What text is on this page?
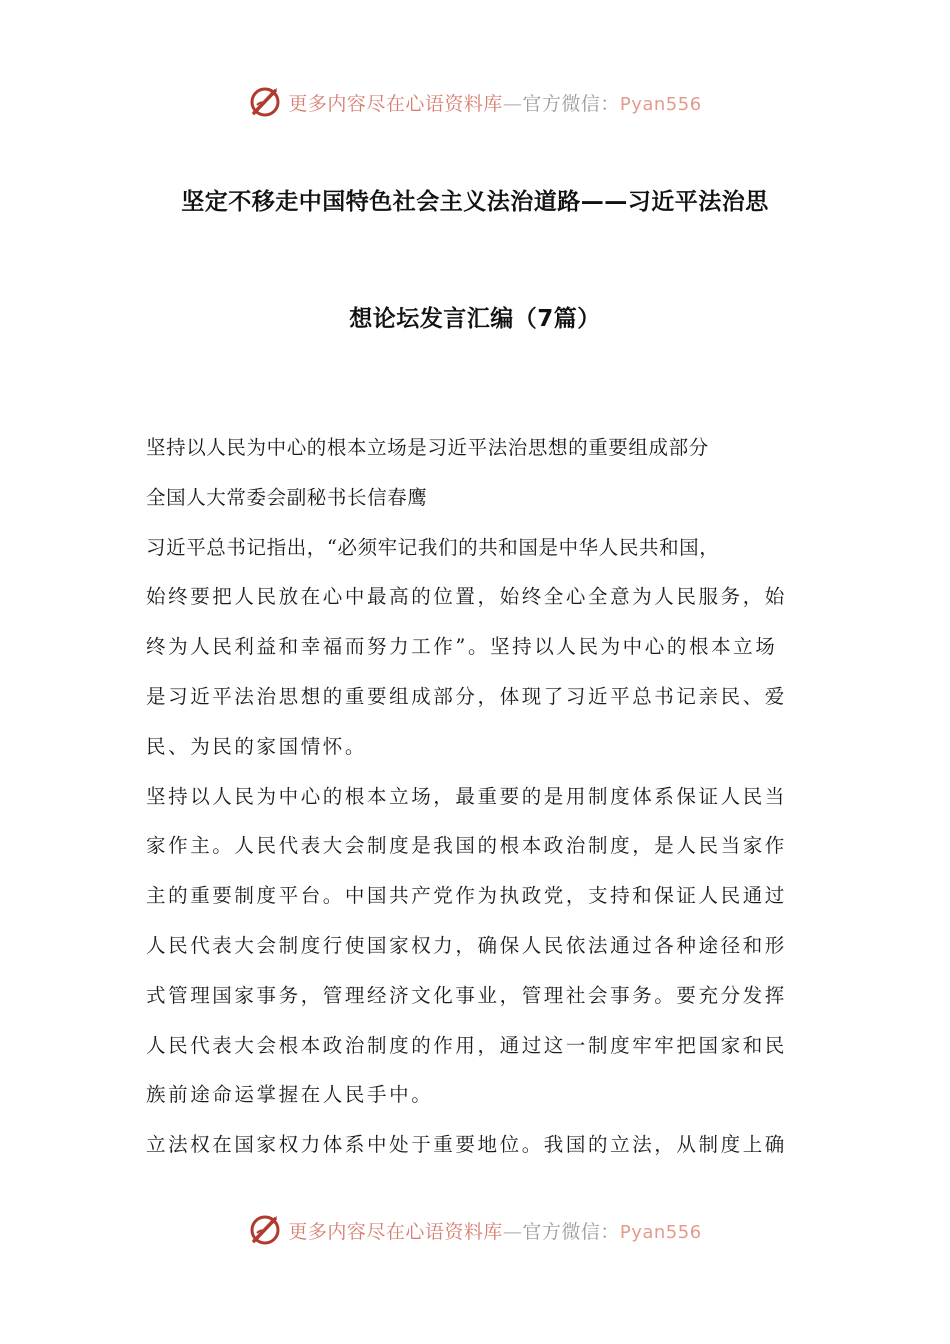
更多内容尽在心语资料库—官方微信：Pyan556
坚定不移走中国特色社会主义法治道路——习近平法治思
想论坛发言汇编（7篇）

坚持以人民为中心的根本立场是习近平法治思想的重要组成部分

全国人大常委会副秘书长信春鹰

习近平总书记指出，“必须牢记我们的共和国是中华人民共和国，

始终要把人民放在心中最高的位置，始终全心全意为人民服务，始

终为人民利益和幸福而努力工作”。坚持以人民为中心的根本立场

是习近平法治思想的重要组成部分，体现了习近平总书记亲民、爱

民、为民的家国情怀。

坚持以人民为中心的根本立场，最重要的是用制度体系保证人民当

家作主。人民代表大会制度是我国的根本政治制度，是人民当家作

主的重要制度平台。中国共产党作为执政党，支持和保证人民通过

人民代表大会制度行使国家权力，确保人民依法通过各种途径和形

式管理国家事务，管理经济文化事业，管理社会事务。要充分发挥

人民代表大会根本政治制度的作用，通过这一制度牢牢把国家和民

族前途命运掌握在人民手中。

立法权在国家权力体系中处于重要地位。我国的立法，从制度上确

更多内容尽在心语资料库—官方微信：Pyan556
